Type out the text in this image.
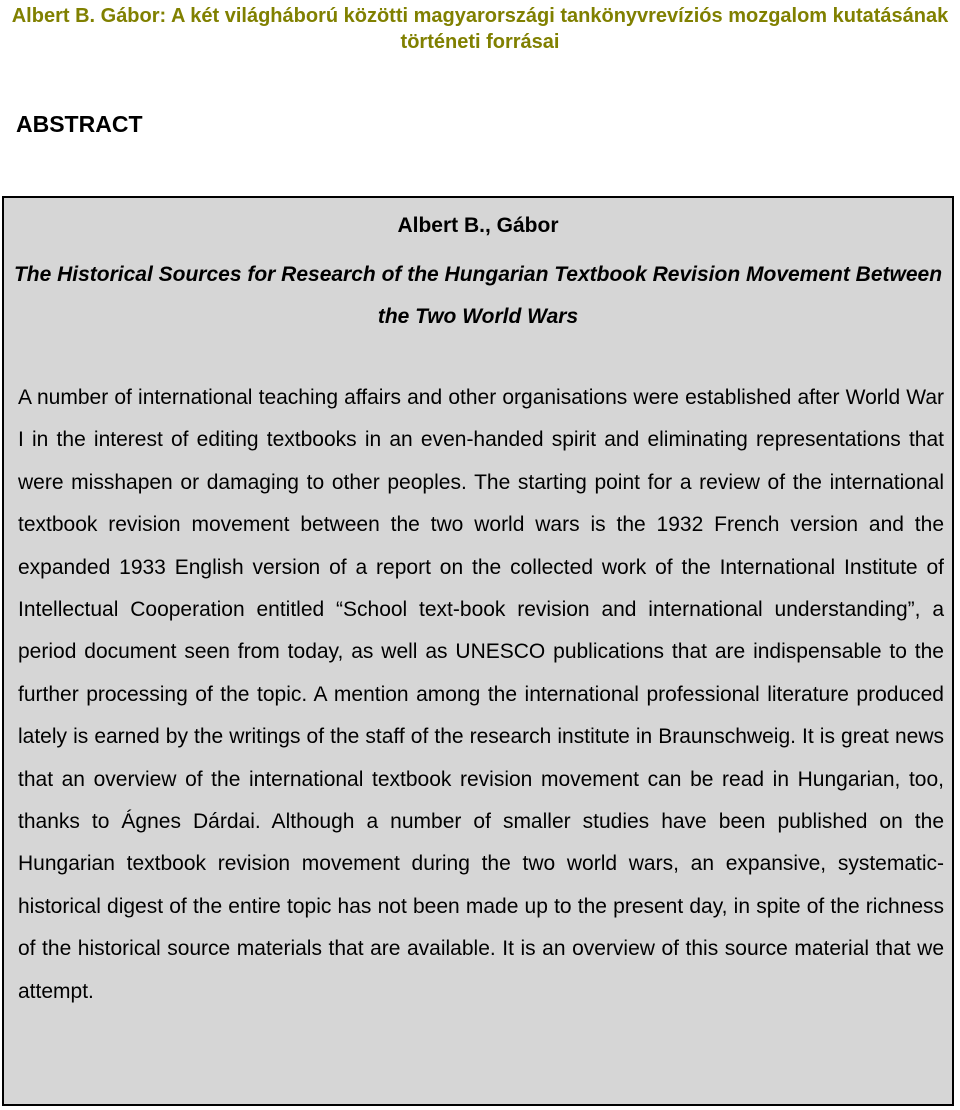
Albert B. Gábor: A két világháború közötti magyarországi tankönyvrevíziós mozgalom kutatásának történeti forrásai
ABSTRACT
Albert B., Gábor
The Historical Sources for Research of the Hungarian Textbook Revision Movement Between the Two World Wars

A number of international teaching affairs and other organisations were established after World War I in the interest of editing textbooks in an even-handed spirit and eliminating representations that were misshapen or damaging to other peoples. The starting point for a review of the international textbook revision movement between the two world wars is the 1932 French version and the expanded 1933 English version of a report on the collected work of the International Institute of Intellectual Cooperation entitled “School text-book revision and international understanding”, a period document seen from today, as well as UNESCO publications that are indispensable to the further processing of the topic. A mention among the international professional literature produced lately is earned by the writings of the staff of the research institute in Braunschweig. It is great news that an overview of the international textbook revision movement can be read in Hungarian, too, thanks to Ágnes Dárdai. Although a number of smaller studies have been published on the Hungarian textbook revision movement during the two world wars, an expansive, systematic-historical digest of the entire topic has not been made up to the present day, in spite of the richness of the historical source materials that are available. It is an overview of this source material that we attempt.
